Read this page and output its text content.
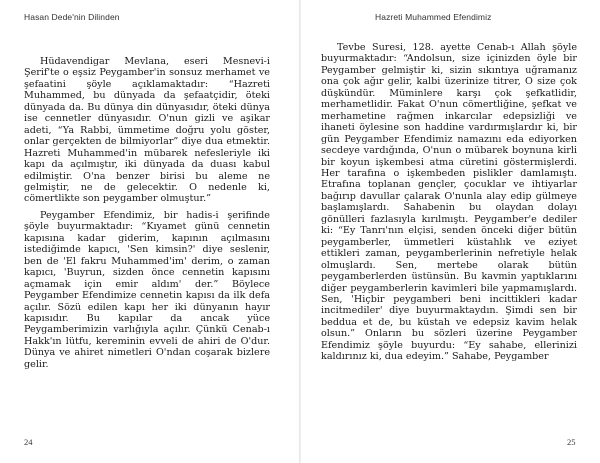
Hasan Dede'nin Dilinden

Hüdavendigar Mevlana, eseri Mesnevi-i Şerif'te o eşsiz Peygamber'in sonsuz merhamet ve şefaatini şöyle açıklamaktadır: “Hazreti Muhammed, bu dünyada da şefaatçidir, öteki dünyada da. Bu dünya din dünyasıdır, öteki dünya ise cennetler dünyasıdır. O'nun gizli ve aşikar adeti, “Ya Rabbi, ümmetime doğru yolu göster, onlar gerçekten de bilmiyorlar” diye dua etmektir. Hazreti Muhammed'in mübarek nefesleriyle iki kapı da açılmıştır, iki dünyada da duası kabul edilmiştir. O'na benzer birisi bu aleme ne gelmiştir, ne de gelecektir. O nedenle ki, cömertlikte son peygamber olmuştur.”

Peygamber Efendimiz, bir hadis-i şerifinde şöyle buyurmaktadır: “Kıyamet günü cennetin kapısına kadar giderim, kapının açılmasını istediğimde kapıcı, 'Sen kimsin?' diye seslenir, ben de 'El fakru Muhammed'im' derim, o zaman kapıcı, 'Buyrun, sizden önce cennetin kapısını açmamak için emir aldım' der.” Böylece Peygamber Efendimize cennetin kapısı da ilk defa açılır. Sözü edilen kapı her iki dünyanın hayır kapısıdır. Bu kapılar da ancak yüce Peygamberimizin varlığıyla açılır. Çünkü Cenab-ı Hakk'ın lütfu, kereminin evveli de ahiri de O'dur. Dünya ve ahiret nimetleri O'ndan coşarak bizlere gelir.

24

Hazreti Muhammed Efendimiz

Tevbe Suresi, 128. ayette Cenab-ı Allah şöyle buyurmaktadır: “Andolsun, size içinizden öyle bir Peygamber gelmiştir ki, sizin sıkıntıya uğramanız ona çok ağır gelir, kalbi üzerinize titrer, O size çok düşkündür. Müminlere karşı çok şefkatlidir, merhametlidir. Fakat O'nun cömertliğine, şefkat ve merhametine rağmen inkarcılar edepsizliği ve ihaneti öylesine son haddine vardırmışlardır ki, bir gün Peygamber Efendimiz namazını eda ediyorken secdeye vardığında, O'nun o mübarek boynuna kirli bir koyun işkembesi atma cüretini göstermişlerdi. Her tarafına o işkembeden pislikler damlamıştı. Etrafına toplanan gençler, çocuklar ve ihtiyarlar bağırıp davullar çalarak O'nunla alay edip gülmeye başlamışlardı. Sahabenin bu olaydan dolayı gönülleri fazlasıyla kırılmıştı. Peygamber'e dediler ki: “Ey Tanrı'nın elçisi, senden önceki diğer bütün peygamberler, ümmetleri küstahlık ve eziyet ettikleri zaman, peygamberlerinin nefretiyle helak olmuşlardı. Sen, mertebe olarak bütün peygamberlerden üstünsün. Bu kavmin yaptıklarını diğer peygamberlerin kavimleri bile yapmamışlardı. Sen, 'Hiçbir peygamberi beni incittikleri kadar incitmediler' diye buyurmaktaydın. Şimdi sen bir beddua et de, bu küstah ve edepsiz kavim helak olsun.” Onların bu sözleri üzerine Peygamber Efendimiz şöyle buyurdu: “Ey sahabe, ellerinizi kaldırınız ki, dua edeyim.” Sahabe, Peygamber

25
